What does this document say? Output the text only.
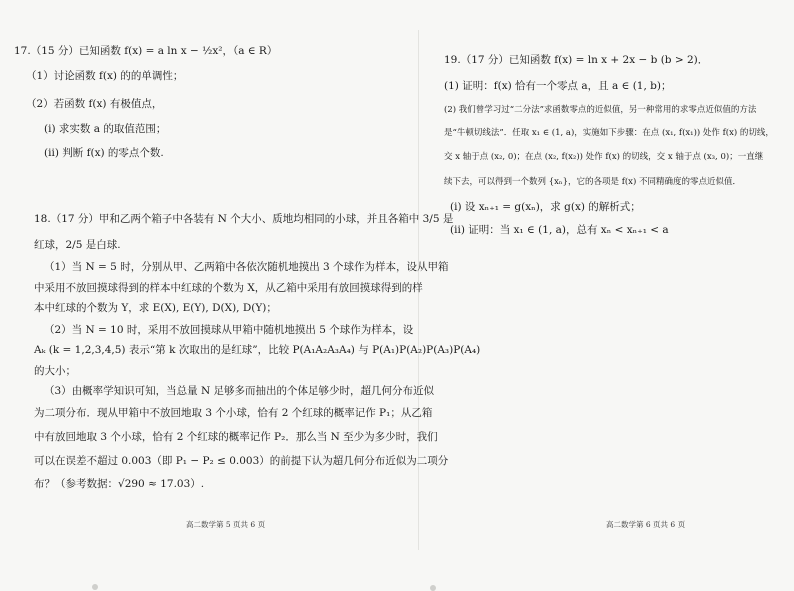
17.（15 分）已知函数 f(x) = a ln x − ½x²，（a ∈ R）
（1）讨论函数 f(x) 的的单调性；
（2）若函数 f(x) 有极值点，
(i) 求实数 a 的取值范围；
(ii) 判断 f(x) 的零点个数.
18.（17 分）甲和乙两个箱子中各装有 N 个大小、质地均相同的小球，并且各箱中 3/5 是
红球，2/5 是白球.
（1）当 N = 5 时，分别从甲、乙两箱中各依次随机地摸出 3 个球作为样本，设从甲箱
中采用不放回摸球得到的样本中红球的个数为 X，从乙箱中采用有放回摸球得到的样
本中红球的个数为 Y，求 E(X), E(Y), D(X), D(Y)；
（2）当 N = 10 时，采用不放回摸球从甲箱中随机地摸出 5 个球作为样本，设
Aₖ (k = 1,2,3,4,5) 表示“第 k 次取出的是红球”，比较 P(A₁A₂A₃A₄) 与 P(A₁)P(A₂)P(A₃)P(A₄)
的大小；
（3）由概率学知识可知，当总量 N 足够多而抽出的个体足够少时，超几何分布近似
为二项分布．现从甲箱中不放回地取 3 个小球，恰有 2 个红球的概率记作 P₁；从乙箱
中有放回地取 3 个小球，恰有 2 个红球的概率记作 P₂．那么当 N 至少为多少时，我们
可以在误差不超过 0.003（即 P₁ − P₂ ≤ 0.003）的前提下认为超几何分布近似为二项分
布？（参考数据：√290 ≈ 17.03）.
高二数学第 5 页共 6 页
19.（17 分）已知函数 f(x) = ln x + 2x − b (b > 2)．
(1) 证明：f(x) 恰有一个零点 a，且 a ∈ (1, b)；
(2) 我们曾学习过“二分法”求函数零点的近似值，另一种常用的求零点近似值的方法
是“牛顿切线法”．任取 x₁ ∈ (1, a)，实施如下步骤：在点 (x₁, f(x₁)) 处作 f(x) 的切线，
交 x 轴于点 (x₂, 0)；在点 (x₂, f(x₂)) 处作 f(x) 的切线，交 x 轴于点 (x₃, 0)；一直继
续下去，可以得到一个数列 {xₙ}，它的各项是 f(x) 不同精确度的零点近似值．
(i) 设 xₙ₊₁ = g(xₙ)，求 g(x) 的解析式；
(ii) 证明：当 x₁ ∈ (1, a)，总有 xₙ < xₙ₊₁ < a
高二数学第 6 页共 6 页
